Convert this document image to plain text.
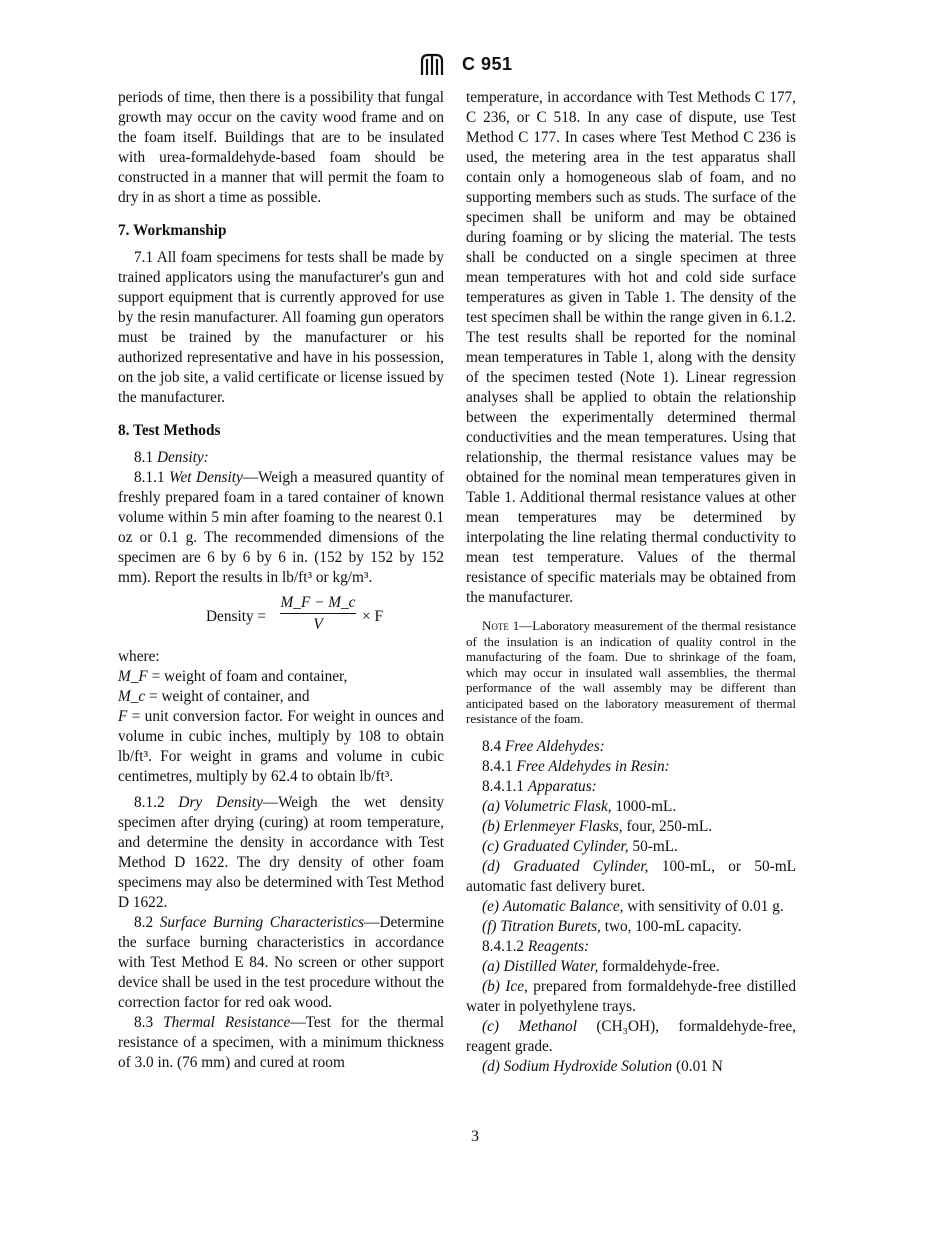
C 951

periods of time, then there is a possibility that fungal growth may occur on the cavity wood frame and on the foam itself. Buildings that are to be insulated with urea-formaldehyde-based foam should be constructed in a manner that will permit the foam to dry in as short a time as possible.

7. Workmanship

7.1 All foam specimens for tests shall be made by trained applicators using the manufacturer's gun and support equipment that is currently approved for use by the resin manufacturer. All foaming gun operators must be trained by the manufacturer or his authorized representative and have in his possession, on the job site, a valid certificate or license issued by the manufacturer.

8. Test Methods

8.1 Density:

8.1.1 Wet Density—Weigh a measured quantity of freshly prepared foam in a tared container of known volume within 5 min after foaming to the nearest 0.1 oz or 0.1 g. The recommended dimensions of the specimen are 6 by 6 by 6 in. (152 by 152 by 152 mm). Report the results in lb/ft³ or kg/m³.

Density = $\frac{M\_F - M\_c}{V} \times F$

where:

M_F = weight of foam and container,

M_c = weight of container, and

F = unit conversion factor. For weight in ounces and volume in cubic inches, multiply by 108 to obtain lb/ft³. For weight in grams and volume in cubic centimetres, multiply by 62.4 to obtain lb/ft³.

8.1.2 Dry Density—Weigh the wet density specimen after drying (curing) at room temperature, and determine the density in accordance with Test Method D 1622. The dry density of other foam specimens may also be determined with Test Method D 1622.

8.2 Surface Burning Characteristics—Determine the surface burning characteristics in accordance with Test Method E 84. No screen or other support device shall be used in the test procedure without the correction factor for red oak wood.

8.3 Thermal Resistance—Test for the thermal resistance of a specimen, with a minimum thickness of 3.0 in. (76 mm) and cured at room

temperature, in accordance with Test Methods C 177, C 236, or C 518. In any case of dispute, use Test Method C 177. In cases where Test Method C 236 is used, the metering area in the test apparatus shall contain only a homogeneous slab of foam, and no supporting members such as studs. The surface of the specimen shall be uniform and may be obtained during foaming or by slicing the material. The tests shall be conducted on a single specimen at three mean temperatures with hot and cold side surface temperatures as given in Table 1. The density of the test specimen shall be within the range given in 6.1.2. The test results shall be reported for the nominal mean temperatures in Table 1, along with the density of the specimen tested (Note 1). Linear regression analyses shall be applied to obtain the relationship between the experimentally determined thermal conductivities and the mean temperatures. Using that relationship, the thermal resistance values may be obtained for the nominal mean temperatures given in Table 1. Additional thermal resistance values at other mean temperatures may be determined by interpolating the line relating thermal conductivity to mean test temperature. Values of the thermal resistance of specific materials may be obtained from the manufacturer.

Note 1—Laboratory measurement of the thermal resistance of the insulation is an indication of quality control in the manufacturing of the foam. Due to shrinkage of the foam, which may occur in insulated wall assemblies, the thermal performance of the wall assembly may be different than anticipated based on the laboratory measurement of thermal resistance of the foam.

8.4 Free Aldehydes:

8.4.1 Free Aldehydes in Resin:

8.4.1.1 Apparatus:

(a) Volumetric Flask, 1000-mL.

(b) Erlenmeyer Flasks, four, 250-mL.

(c) Graduated Cylinder, 50-mL.

(d) Graduated Cylinder, 100-mL, or 50-mL automatic fast delivery buret.

(e) Automatic Balance, with sensitivity of 0.01 g.

(f) Titration Burets, two, 100-mL capacity.

8.4.1.2 Reagents:

(a) Distilled Water, formaldehyde-free.

(b) Ice, prepared from formaldehyde-free distilled water in polyethylene trays.

(c) Methanol (CH₃OH), formaldehyde-free, reagent grade.

(d) Sodium Hydroxide Solution (0.01 N

3
